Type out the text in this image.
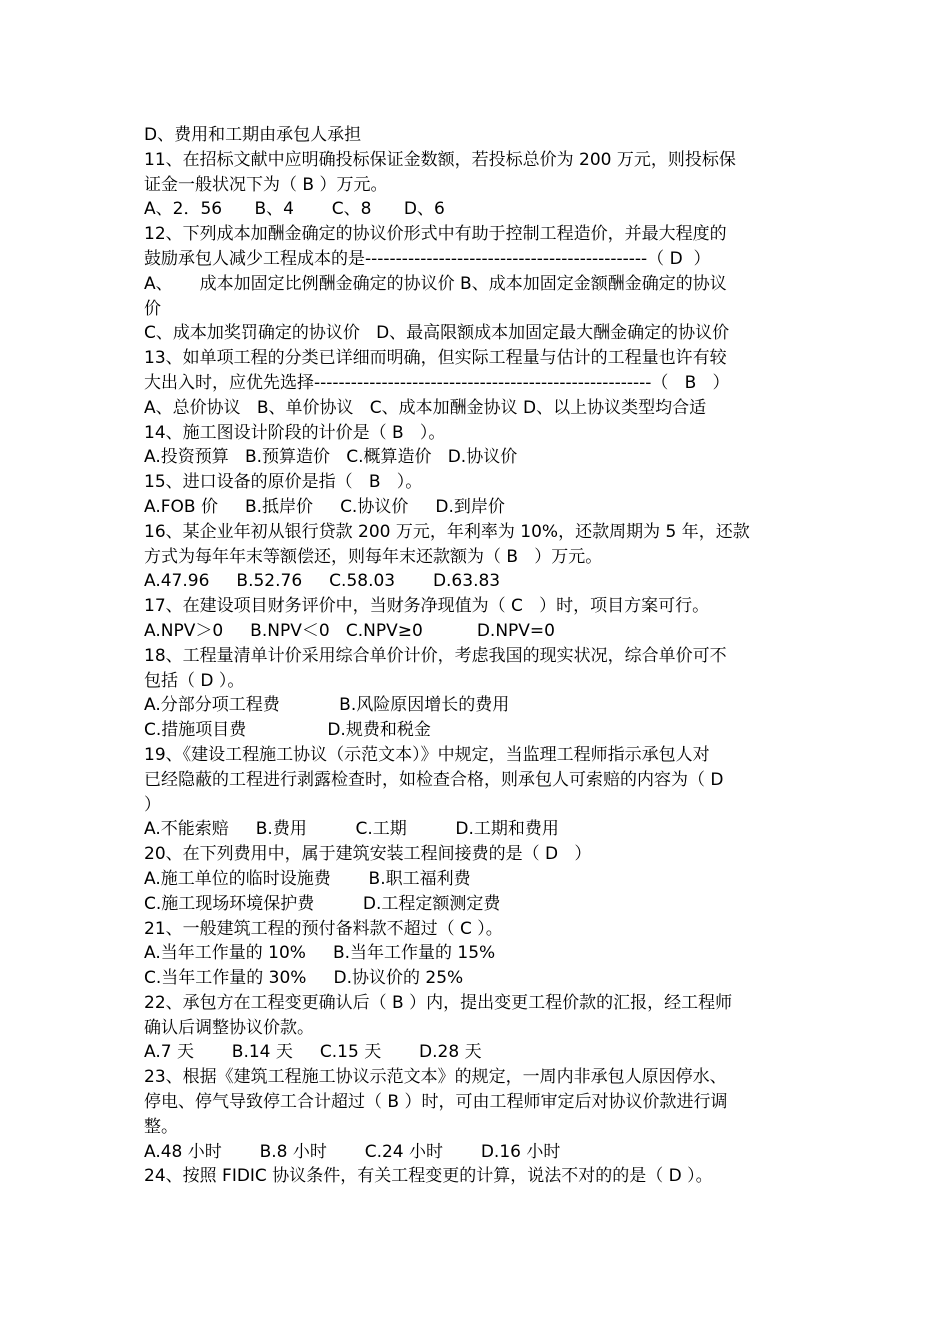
D、费用和工期由承包人承担
11、在招标文献中应明确投标保证金数额，若投标总价为 200 万元，则投标保
证金一般状况下为（ B ）万元。
A、2．56      B、4       C、8      D、6
12、下列成本加酬金确定的协议价形式中有助于控制工程造价，并最大程度的
鼓励承包人减少工程成本的是----------------------------------------------（ D  ）
A、     成本加固定比例酬金确定的协议价 B、成本加固定金额酬金确定的协议
价
C、成本加奖罚确定的协议价   D、最高限额成本加固定最大酬金确定的协议价
13、如单项工程的分类已详细而明确，但实际工程量与估计的工程量也许有较
大出入时，应优先选择-------------------------------------------------------（   B   ）
A、总价协议   B、单价协议   C、成本加酬金协议 D、以上协议类型均合适
14、施工图设计阶段的计价是（ B   ）。
A.投资预算   B.预算造价   C.概算造价   D.协议价
15、进口设备的原价是指（   B   ）。
A.FOB 价     B.抵岸价     C.协议价     D.到岸价
16、某企业年初从银行贷款 200 万元，年利率为 10%，还款周期为 5 年，还款
方式为每年年末等额偿还，则每年末还款额为（ B   ）万元。
A.47.96     B.52.76     C.58.03       D.63.83
17、在建设项目财务评价中，当财务净现值为（ C   ）时，项目方案可行。
A.NPV＞0     B.NPV＜0   C.NPV≥0          D.NPV=0
18、工程量清单计价采用综合单价计价，考虑我国的现实状况，综合单价可不
包括（ D ）。
A.分部分项工程费           B.风险原因增长的费用
C.措施项目费               D.规费和税金
19、《建设工程施工协议（示范文本）》中规定，当监理工程师指示承包人对
已经隐蔽的工程进行剥露检查时，如检查合格，则承包人可索赔的内容为（ D
）
A.不能索赔     B.费用         C.工期         D.工期和费用
20、在下列费用中，属于建筑安装工程间接费的是（ D   ）
A.施工单位的临时设施费       B.职工福利费
C.施工现场环境保护费         D.工程定额测定费
21、一般建筑工程的预付备料款不超过（ C ）。
A.当年工作量的 10%     B.当年工作量的 15%
C.当年工作量的 30%     D.协议价的 25%
22、承包方在工程变更确认后（ B ）内，提出变更工程价款的汇报，经工程师
确认后调整协议价款。
A.7 天       B.14 天     C.15 天       D.28 天
23、根据《建筑工程施工协议示范文本》的规定，一周内非承包人原因停水、
停电、停气导致停工合计超过（ B ）时，可由工程师审定后对协议价款进行调
整。
A.48 小时       B.8 小时       C.24 小时       D.16 小时
24、按照 FIDIC 协议条件，有关工程变更的计算，说法不对的的是（ D ）。
